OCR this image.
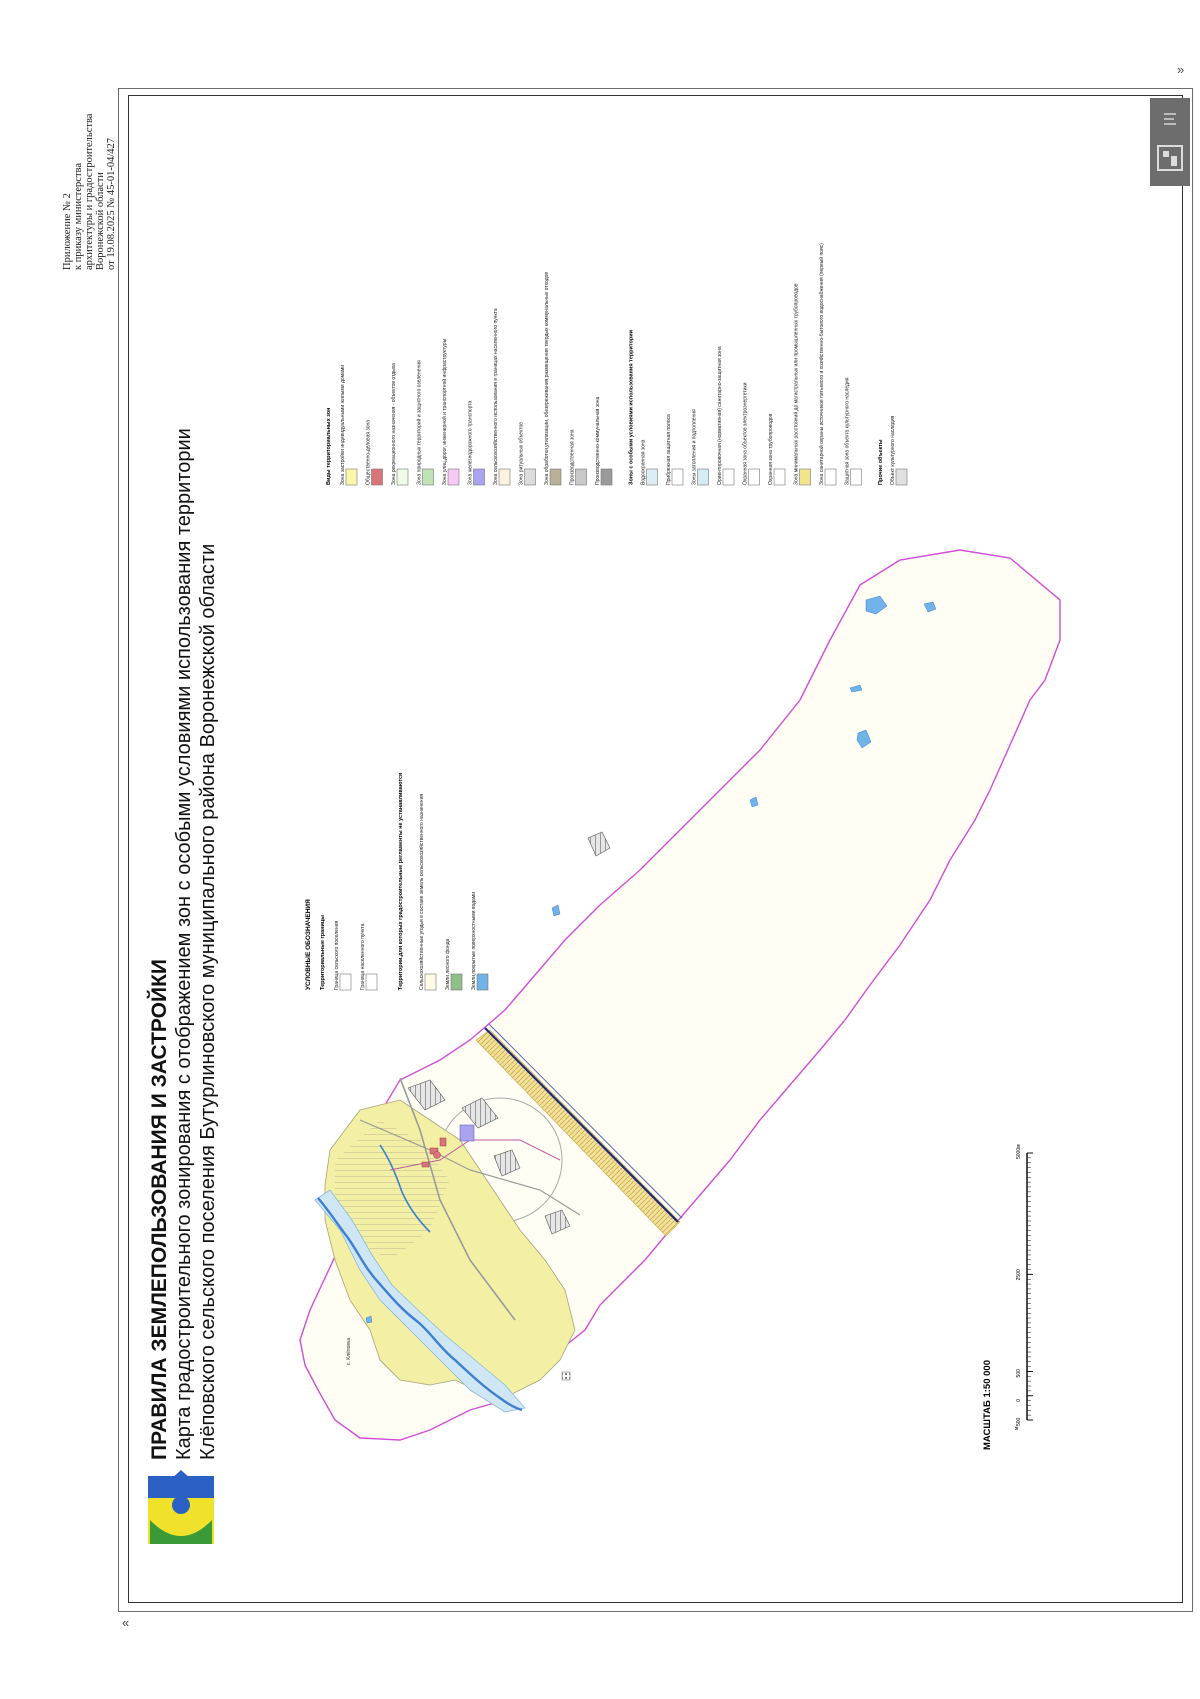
Приложение № 2 к приказу министерства архитектуры и градостроительства Воронежской области от 19.08.2025 № 45-01-04/427
«
»
ПРАВИЛА ЗЕМЛЕПОЛЬЗОВАНИЯ И ЗАСТРОЙКИ Карта градостроительного зонирования с отображением зон с особыми условиями использования территории Клёповского сельского поселения Бутурлиновского муниципального района Воронежской области	с. Клёповка
УСЛОВНЫЕ ОБОЗНАЧЕНИЯ Территориальные границы Граница сельского поселения	Граница населенного пункта	Территории,для которых градостроительные регламенты не устанавливаются	Сельскохозяйственные угодья в составе земель сельскохозяйственного назначения	Земли лесного фонда	Земли,покрытые поверхностными водами
Виды территориальных зон Зона застройки индивидуальными жилыми домами	Общественно-деловая зона	Зона рекреационного назначения - объектов отдыха	Зона природных территорий и защитного озеленения	Зона улиц,дорог, инженерной и транспортной инфраструктуры	Зона железнодорожного транспорта	Зона сельскохозяйственного использования в границах населенного пункта	Зона ритуальных объектов	Зона обработки,утилизации, обезвреживания,размещения твердых коммунальных отходов	Производственная зона	Производственно-коммунальная зона	Зоны с особыми условиями использования территории Водоохранная зона	Прибрежная защитная полоса	Зоны затопления и подтопления	Ориентировочная (нормативная) санитарно-защитная зона	Охранная зона объектов электроэнергетики	Охранная зона трубопроводов	Зона минимальных расстояний до магистральных или промышленных трубопроводов	Зона санитарной охраны источников питьевого и хозяйственно-бытового водоснабжения (первый пояс)	Защитная зона объекта культурного наследия	Прочие объекты Объект культурного наследия
МАСШТАБ 1:50 000	500
0
500
2500
5000м
м
